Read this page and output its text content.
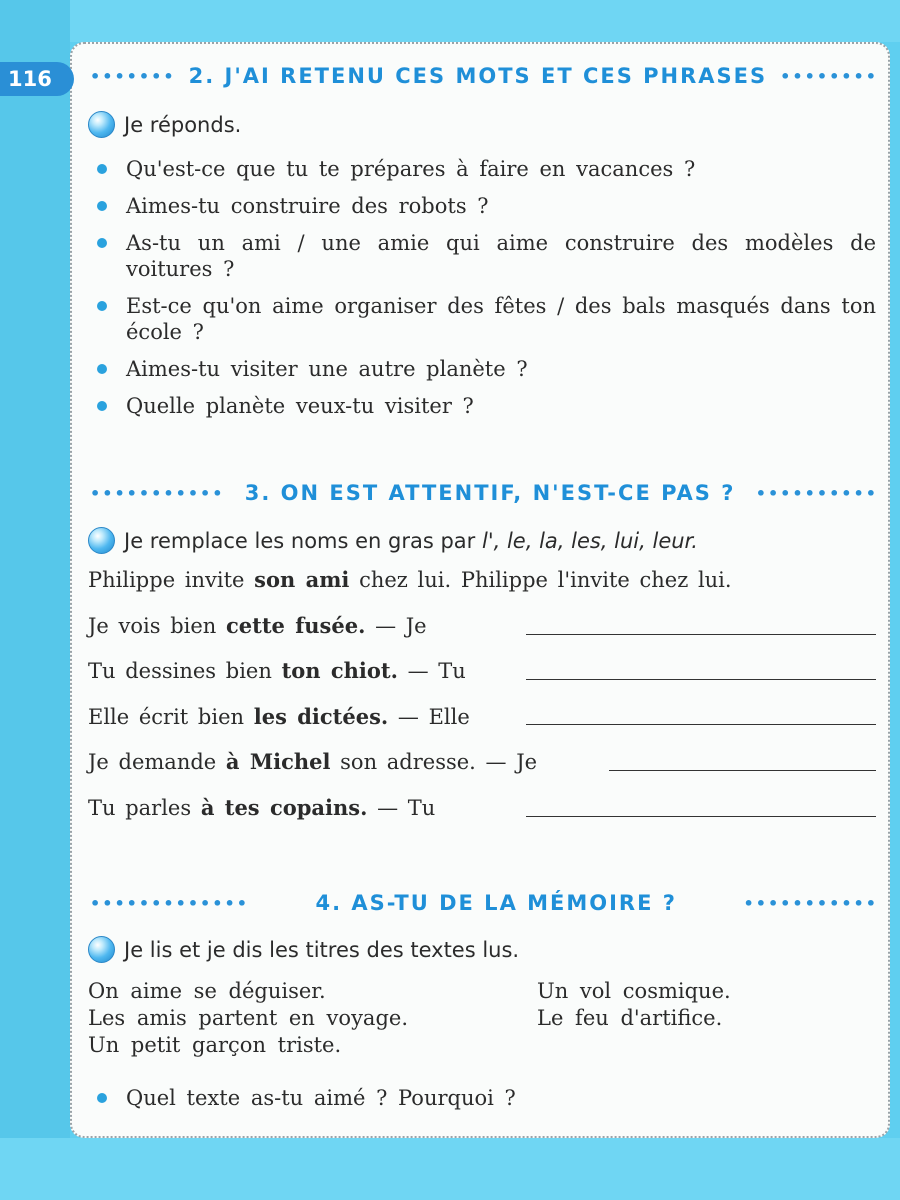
116	••••••• 2. J'AI RETENU CES MOTS ET CES PHRASES ••••••••
Je réponds.
Qu'est-ce que tu te prépares à faire en vacances ?
Aimes-tu construire des robots ?
As-tu un ami / une amie qui aime construire des modèles de voitures ?
Est-ce qu'on aime organiser des fêtes / des bals masqués dans ton école ?
Aimes-tu visiter une autre planète ?
Quelle planète veux-tu visiter ?
••••••••••• 3. ON EST ATTENTIF, N'EST-CE PAS ? ••••••••••
Je remplace les noms en gras par
l', le, la, les, lui, leur.
Philippe invite son ami chez lui. Philippe l'invite chez lui.
Je vois bien cette fusée. — Je
Tu dessines bien ton chiot. — Tu
Elle écrit bien les dictées. — Elle
Je demande à Michel son adresse. — Je
Tu parles à tes copains. — Tu
•••••••••••••	4. AS-TU DE LA MÉMOIRE ?	•••••••••••
Je lis et je dis les titres des textes lus.
On aime se déguiser.
Les amis partent en voyage.
Un petit garçon triste.
Un vol cosmique.
Le feu d'artifice.
Quel texte as-tu aimé ? Pourquoi ?
